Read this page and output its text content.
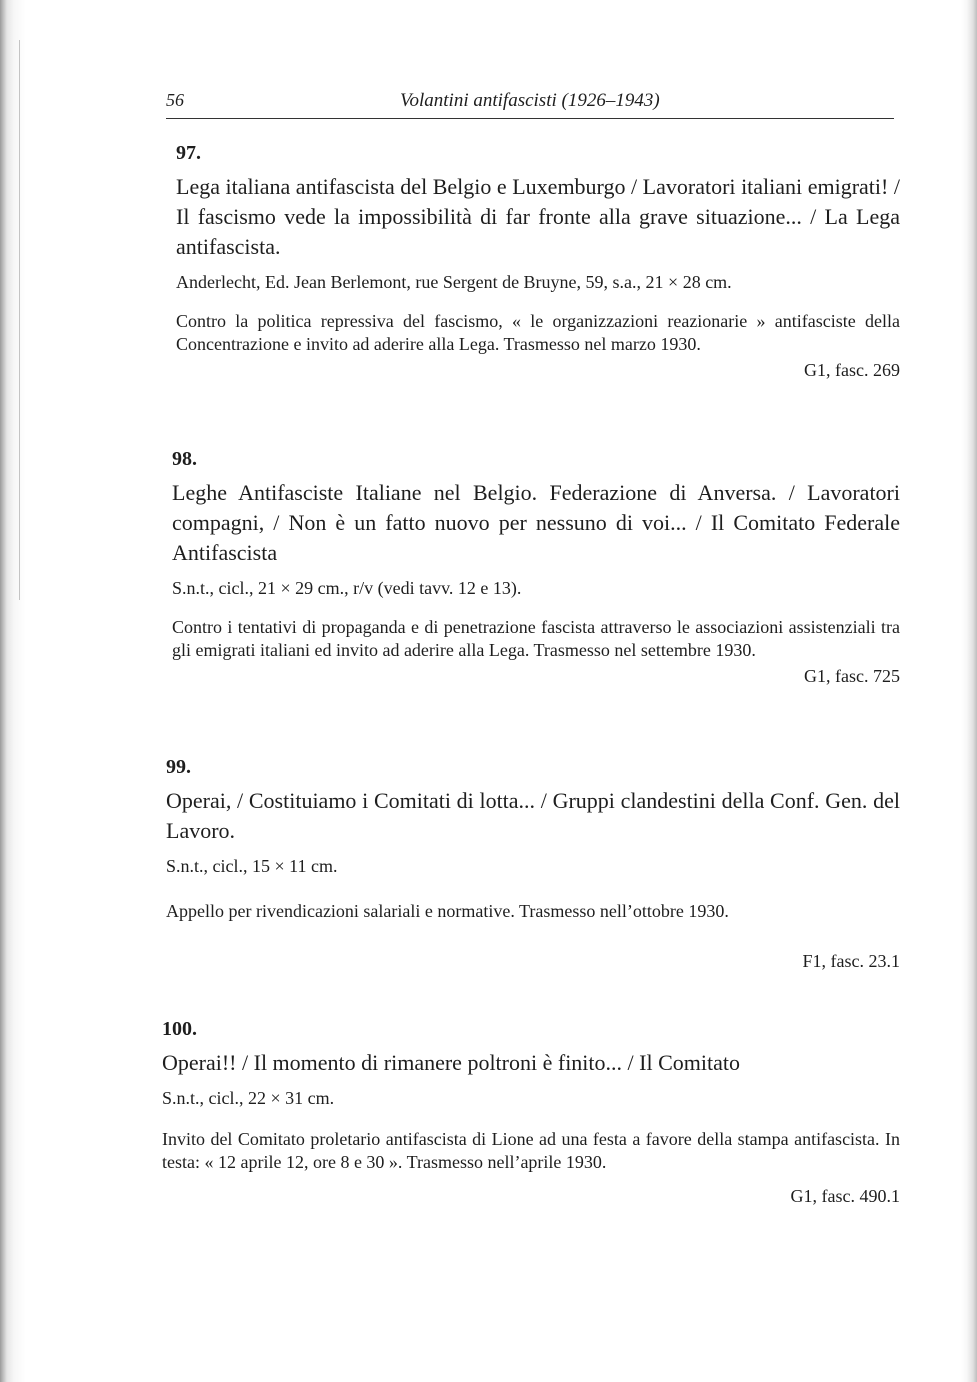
56	Volantini antifascisti (1926–1943)
97.

Lega italiana antifascista del Belgio e Luxemburgo / Lavoratori italiani emigrati! / Il fascismo vede la impossibilità di far fronte alla grave situazione... / La Lega antifascista.

Anderlecht, Ed. Jean Berlemont, rue Sergent de Bruyne, 59, s.a., 21 × 28 cm.

Contro la politica repressiva del fascismo, « le organizzazioni reazionarie » antifasciste della Concentrazione e invito ad aderire alla Lega. Trasmesso nel marzo 1930.

G1, fasc. 269

98.

Leghe Antifasciste Italiane nel Belgio. Federazione di Anversa. / Lavoratori compagni, / Non è un fatto nuovo per nessuno di voi... / Il Comitato Federale Antifascista

S.n.t., cicl., 21 × 29 cm., r/v (vedi tavv. 12 e 13).

Contro i tentativi di propaganda e di penetrazione fascista attraverso le associazioni assistenziali tra gli emigrati italiani ed invito ad aderire alla Lega. Trasmesso nel settembre 1930.

G1, fasc. 725

99.

Operai, / Costituiamo i Comitati di lotta... / Gruppi clandestini della Conf. Gen. del Lavoro.

S.n.t., cicl., 15 × 11 cm.

Appello per rivendicazioni salariali e normative. Trasmesso nell’ottobre 1930.

F1, fasc. 23.1

100.

Operai!! / Il momento di rimanere poltroni è finito... / Il Comitato

S.n.t., cicl., 22 × 31 cm.

Invito del Comitato proletario antifascista di Lione ad una festa a favore della stampa antifascista. In testa: « 12 aprile 12, ore 8 e 30 ». Trasmesso nell’aprile 1930.

G1, fasc. 490.1
